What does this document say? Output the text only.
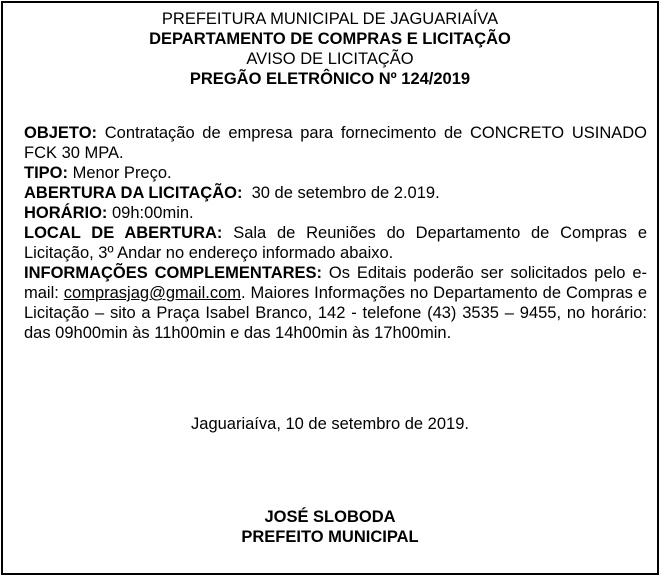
PREFEITURA MUNICIPAL DE JAGUARIAÍVA
DEPARTAMENTO DE COMPRAS E LICITAÇÃO
AVISO DE LICITAÇÃO
PREGÃO ELETRÔNICO Nº 124/2019
OBJETO: Contratação de empresa para fornecimento de CONCRETO USINADO FCK 30 MPA.
TIPO: Menor Preço.
ABERTURA DA LICITAÇÃO:  30 de setembro de 2.019.
HORÁRIO: 09h:00min.
LOCAL DE ABERTURA: Sala de Reuniões do Departamento de Compras e Licitação, 3º Andar no endereço informado abaixo.
INFORMAÇÕES COMPLEMENTARES: Os Editais poderão ser solicitados pelo e-mail: comprasjag@gmail.com. Maiores Informações no Departamento de Compras e Licitação – sito a Praça Isabel Branco, 142 - telefone (43) 3535 – 9455, no horário: das 09h00min às 11h00min e das 14h00min às 17h00min.
Jaguariaíva, 10 de setembro de 2019.
JOSÉ SLOBODA
PREFEITO MUNICIPAL
